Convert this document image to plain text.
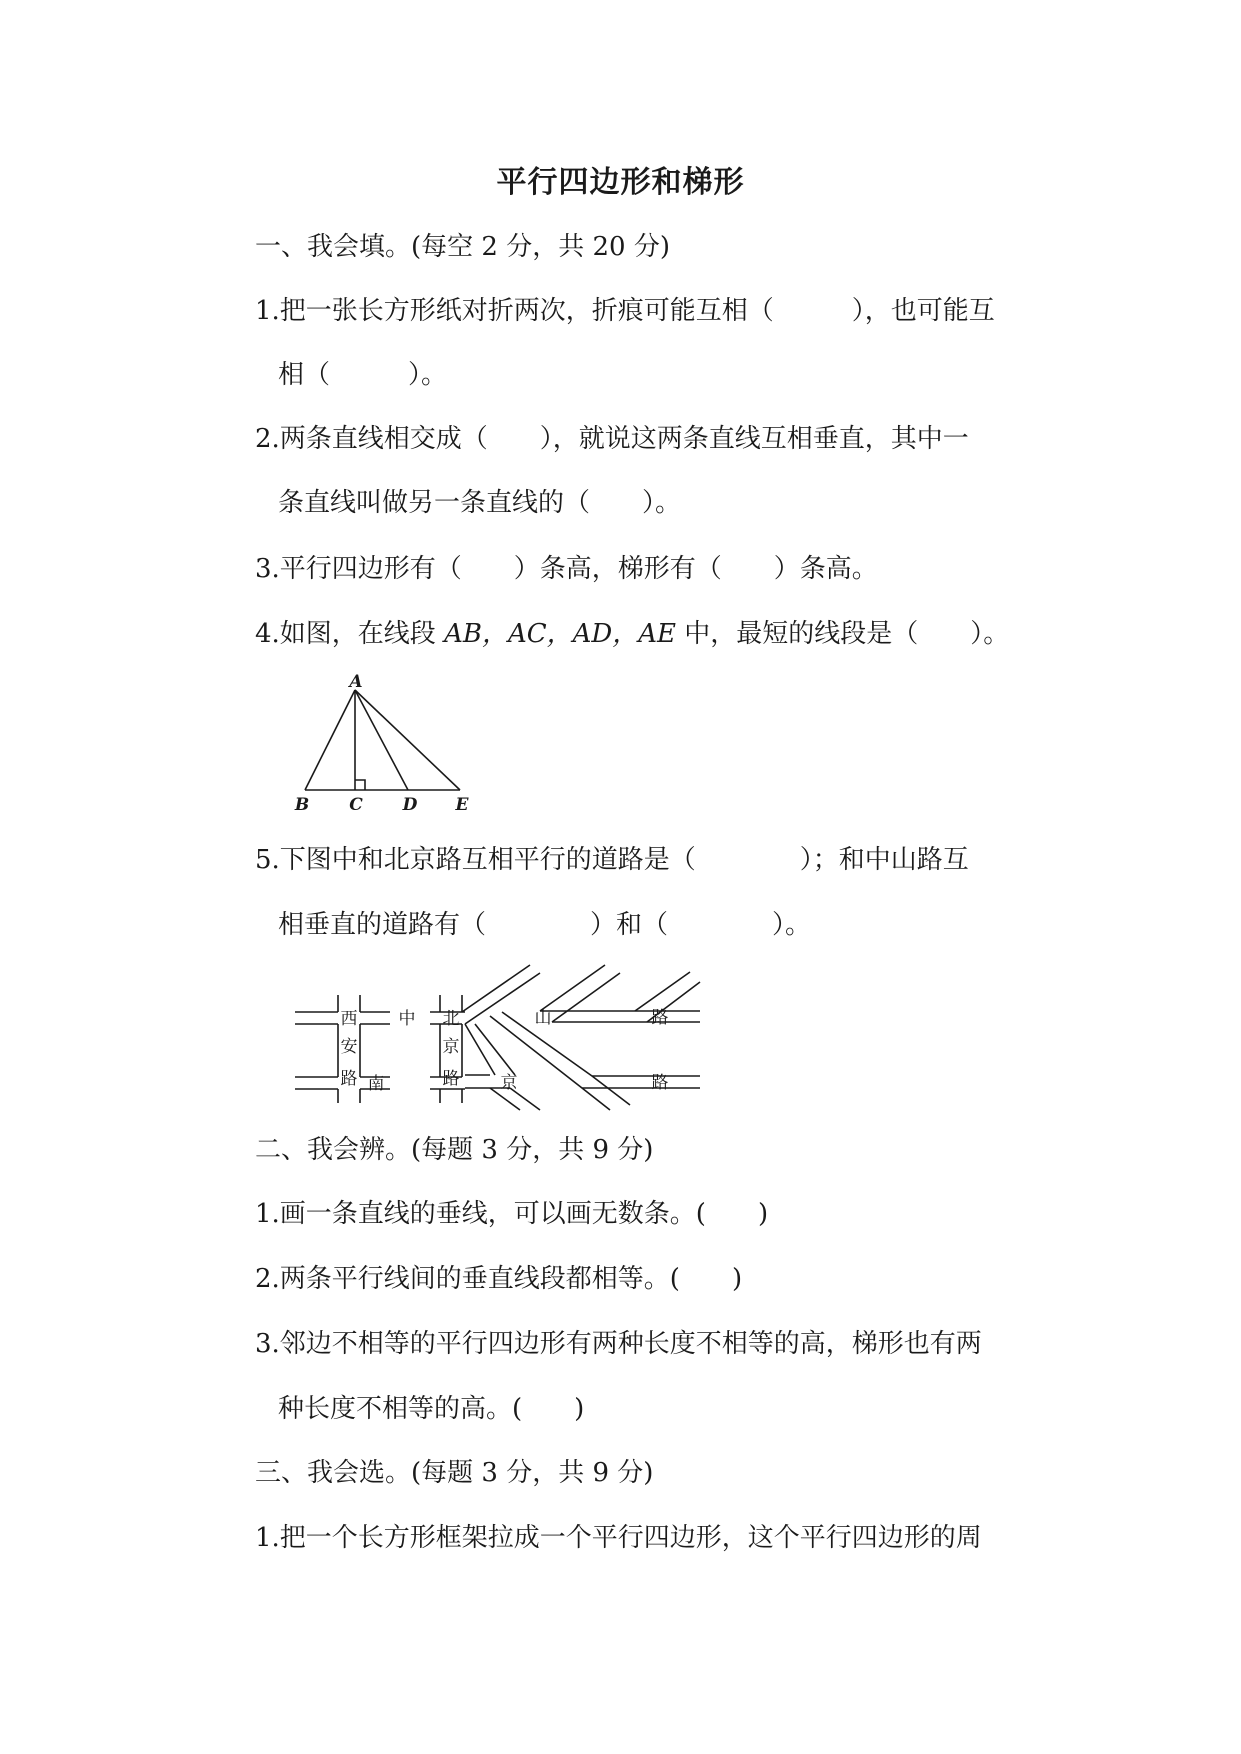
平行四边形和梯形
一、我会填。(每空 2 分，共 20 分)
1.把一张长方形纸对折两次，折痕可能互相（　　　），也可能互
相（　　　）。
2.两条直线相交成（　　），就说这两条直线互相垂直，其中一
条直线叫做另一条直线的（　　）。
3.平行四边形有（　　）条高，梯形有（　　）条高。
4.如图，在线段 AB，AC，AD，AE 中，最短的线段是（　　）。
A
B C D E
5.下图中和北京路互相平行的道路是（　　　　）；和中山路互
相垂直的道路有（　　　　）和（　　　　）。
西
安
路
中 北
京
路
山	路
南	京	路
二、我会辨。(每题 3 分，共 9 分)
1.画一条直线的垂线，可以画无数条。(　　)
2.两条平行线间的垂直线段都相等。(　　)
3.邻边不相等的平行四边形有两种长度不相等的高，梯形也有两
种长度不相等的高。(　　)
三、我会选。(每题 3 分，共 9 分)
1.把一个长方形框架拉成一个平行四边形，这个平行四边形的周
